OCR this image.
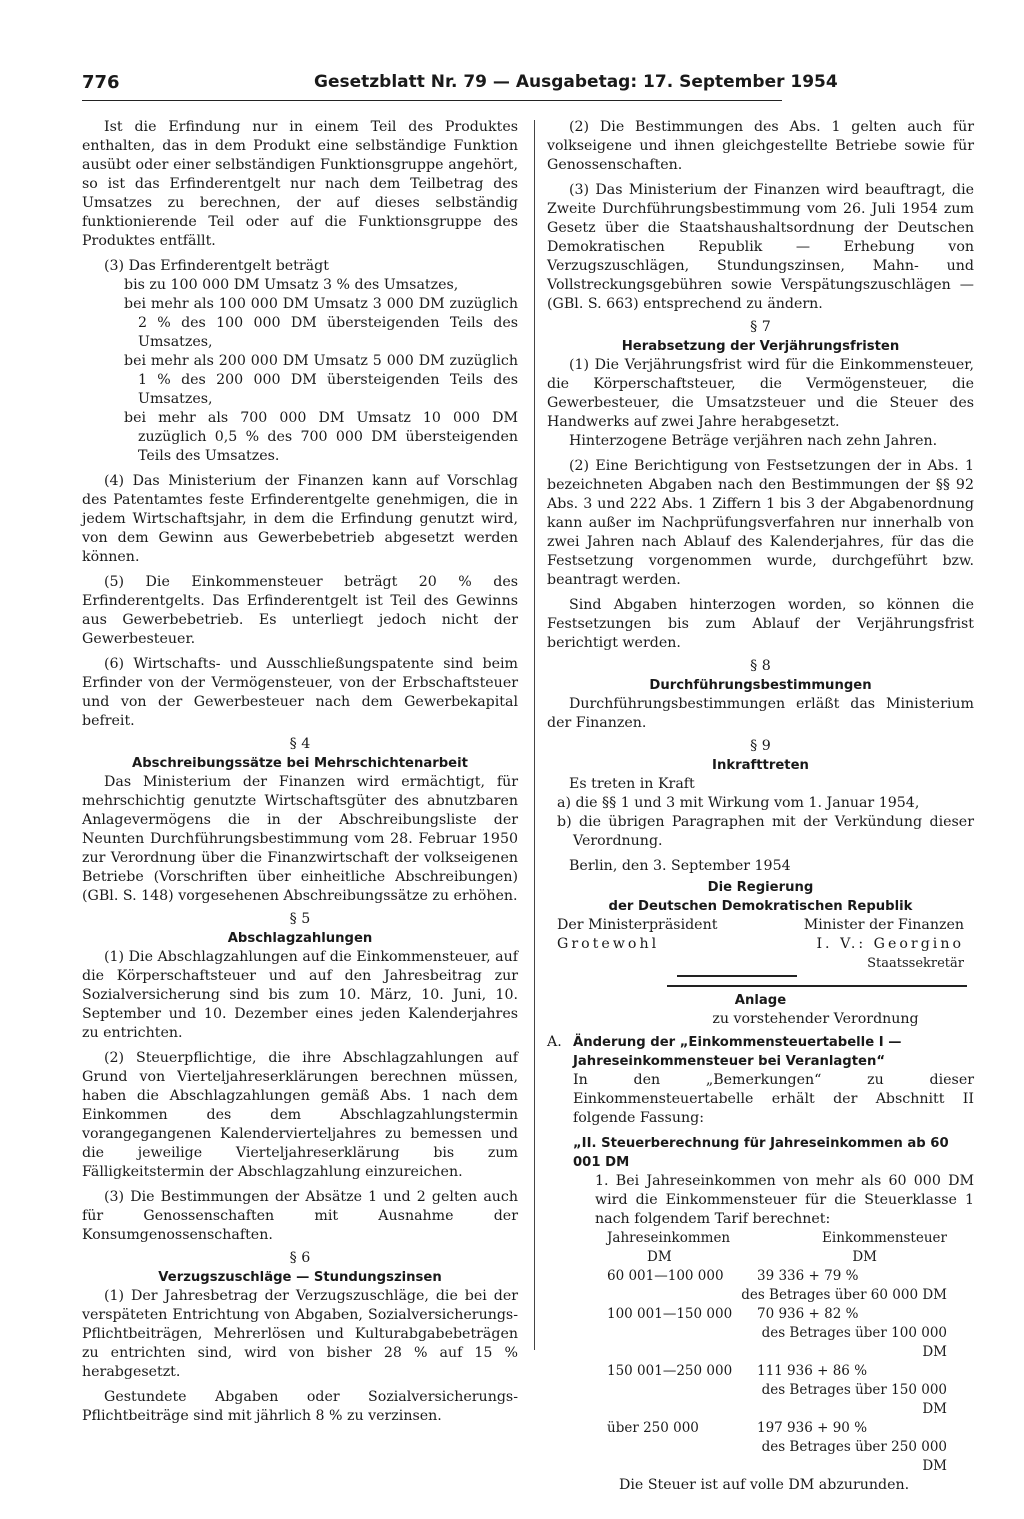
776	Gesetzblatt Nr. 79 — Ausgabetag: 17. September 1954

Ist die Erfindung nur in einem Teil des Produktes enthalten, das in dem Produkt eine selbständige Funktion ausübt oder einer selbständigen Funktionsgruppe angehört, so ist das Erfinderentgelt nur nach dem Teilbetrag des Umsatzes zu berechnen, der auf dieses selbständig funktionierende Teil oder auf die Funktionsgruppe des Produktes entfällt.

(3) Das Erfinderentgelt beträgt

bis zu 100 000 DM Umsatz 3 % des Umsatzes,

bei mehr als 100 000 DM Umsatz 3 000 DM zuzüglich 2 % des 100 000 DM übersteigenden Teils des Umsatzes,

bei mehr als 200 000 DM Umsatz 5 000 DM zuzüglich 1 % des 200 000 DM übersteigenden Teils des Umsatzes,

bei mehr als 700 000 DM Umsatz 10 000 DM zuzüglich 0,5 % des 700 000 DM übersteigenden Teils des Umsatzes.

(4) Das Ministerium der Finanzen kann auf Vorschlag des Patentamtes feste Erfinderentgelte genehmigen, die in jedem Wirtschaftsjahr, in dem die Erfindung genutzt wird, von dem Gewinn aus Gewerbebetrieb abgesetzt werden können.

(5) Die Einkommensteuer beträgt 20 % des Erfinderentgelts. Das Erfinderentgelt ist Teil des Gewinns aus Gewerbebetrieb. Es unterliegt jedoch nicht der Gewerbesteuer.

(6) Wirtschafts- und Ausschließungspatente sind beim Erfinder von der Vermögensteuer, von der Erbschaftsteuer und von der Gewerbesteuer nach dem Gewerbekapital befreit.

§ 4

Abschreibungssätze bei Mehrschichtenarbeit

Das Ministerium der Finanzen wird ermächtigt, für mehrschichtig genutzte Wirtschaftsgüter des abnutzbaren Anlagevermögens die in der Abschreibungsliste der Neunten Durchführungsbestimmung vom 28. Februar 1950 zur Verordnung über die Finanzwirtschaft der volkseigenen Betriebe (Vorschriften über einheitliche Abschreibungen) (GBl. S. 148) vorgesehenen Abschreibungssätze zu erhöhen.

§ 5

Abschlagzahlungen

(1) Die Abschlagzahlungen auf die Einkommensteuer, auf die Körperschaftsteuer und auf den Jahresbeitrag zur Sozialversicherung sind bis zum 10. März, 10. Juni, 10. September und 10. Dezember eines jeden Kalenderjahres zu entrichten.

(2) Steuerpflichtige, die ihre Abschlagzahlungen auf Grund von Vierteljahreserklärungen berechnen müssen, haben die Abschlagzahlungen gemäß Abs. 1 nach dem Einkommen des dem Abschlagzahlungstermin vorangegangenen Kalendervierteljahres zu bemessen und die jeweilige Vierteljahreserklärung bis zum Fälligkeitstermin der Abschlagzahlung einzureichen.

(3) Die Bestimmungen der Absätze 1 und 2 gelten auch für Genossenschaften mit Ausnahme der Konsumgenossenschaften.

§ 6

Verzugszuschläge — Stundungszinsen

(1) Der Jahresbetrag der Verzugszuschläge, die bei der verspäteten Entrichtung von Abgaben, Sozialversicherungs-Pflichtbeiträgen, Mehrerlösen und Kulturabgabebeträgen zu entrichten sind, wird von bisher 28 % auf 15 % herabgesetzt.

Gestundete Abgaben oder Sozialversicherungs-Pflichtbeiträge sind mit jährlich 8 % zu verzinsen.

(2) Die Bestimmungen des Abs. 1 gelten auch für volkseigene und ihnen gleichgestellte Betriebe sowie für Genossenschaften.

(3) Das Ministerium der Finanzen wird beauftragt, die Zweite Durchführungsbestimmung vom 26. Juli 1954 zum Gesetz über die Staatshaushaltsordnung der Deutschen Demokratischen Republik — Erhebung von Verzugszuschlägen, Stundungszinsen, Mahn- und Vollstreckungsgebühren sowie Verspätungszuschlägen — (GBl. S. 663) entsprechend zu ändern.

§ 7

Herabsetzung der Verjährungsfristen

(1) Die Verjährungsfrist wird für die Einkommensteuer, die Körperschaftsteuer, die Vermögensteuer, die Gewerbesteuer, die Umsatzsteuer und die Steuer des Handwerks auf zwei Jahre herabgesetzt.

Hinterzogene Beträge verjähren nach zehn Jahren.

(2) Eine Berichtigung von Festsetzungen der in Abs. 1 bezeichneten Abgaben nach den Bestimmungen der §§ 92 Abs. 3 und 222 Abs. 1 Ziffern 1 bis 3 der Abgabenordnung kann außer im Nachprüfungsverfahren nur innerhalb von zwei Jahren nach Ablauf des Kalenderjahres, für das die Festsetzung vorgenommen wurde, durchgeführt bzw. beantragt werden.

Sind Abgaben hinterzogen worden, so können die Festsetzungen bis zum Ablauf der Verjährungsfrist berichtigt werden.

§ 8

Durchführungsbestimmungen

Durchführungsbestimmungen erläßt das Ministerium der Finanzen.

§ 9

Inkrafttreten

Es treten in Kraft

a) die §§ 1 und 3 mit Wirkung vom 1. Januar 1954,

b) die übrigen Paragraphen mit der Verkündung dieser Verordnung.

Berlin, den 3. September 1954

Die Regierung
der Deutschen Demokratischen Republik
Der Ministerpräsident	Minister der Finanzen
Grotewohl	I. V.: Georgino
Staatssekretär

Anlage

zu vorstehender Verordnung

A. Änderung der „Einkommensteuertabelle I — Jahreseinkommensteuer bei Veranlagten“

In den „Bemerkungen“ zu dieser Einkommensteuertabelle erhält der Abschnitt II folgende Fassung:

„II. Steuerberechnung für Jahreseinkommen ab 60 001 DM

1. Bei Jahreseinkommen von mehr als 60 000 DM wird die Einkommensteuer für die Steuerklasse 1 nach folgendem Tarif berechnet:

Jahreseinkommen	Einkommensteuer
DM	DM
60 001—100 000	39 336 + 79 %
des Betrages über 60 000 DM
100 001—150 000	70 936 + 82 %
des Betrages über 100 000 DM
150 001—250 000	111 936 + 86 %
des Betrages über 150 000 DM
über 250 000	197 936 + 90 %
des Betrages über 250 000 DM

Die Steuer ist auf volle DM abzurunden.
